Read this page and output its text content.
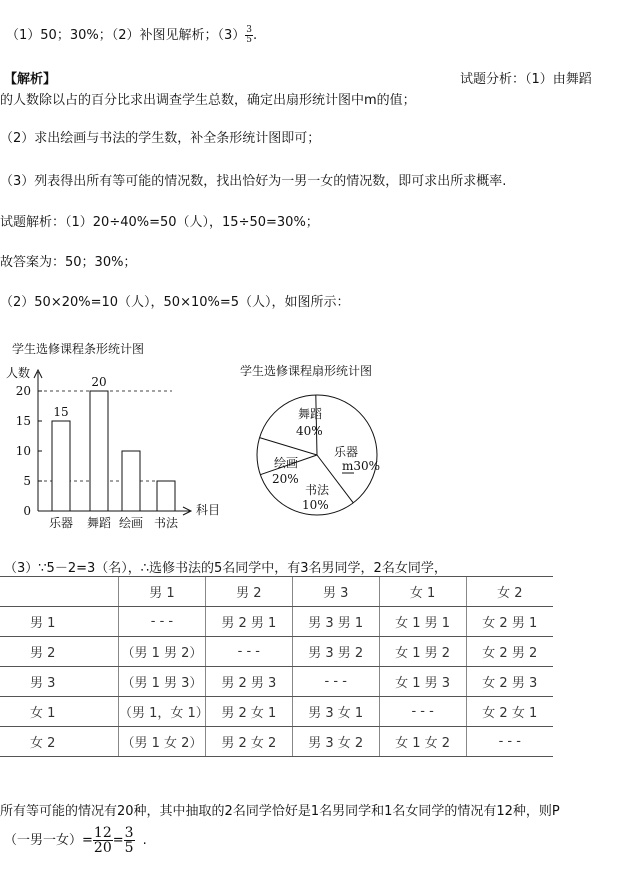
（1）50；30%；（2）补图见解析；$(3) \frac{3}{5}$ .
【解析】	试题分析：（1）由舞蹈
的人数除以占的百分比求出调查学生总数，确定出扇形统计图中m的值；
（2）求出绘画与书法的学生数，补全条形统计图即可；
（3）列表得出所有等可能的情况数，找出恰好为一男一女的情况数，即可求出所求概率.
试题解析：（1）20÷40%=50（人），15÷50=30%；
故答案为：50；30%；
（2）50×20%=10（人），50×10%=5（人），如图所示：
学生选修课程条形统计图
人数
科目
0
5
10
15
20
乐器
15
舞蹈
20
绘画 书法
学生选修课程扇形统计图
舞蹈
40%
乐器
m30%
书法
10%
绘画
20%
（3）∵5－2=3（名），∴选修书法的5名同学中，有3名男同学，2名女同学，
	男 1	男 2	男 3	女 1	女 2
男 1	- - -	男 2 男 1	男 3 男 1	女 1 男 1	女 2 男 1
男 2	（男 1 男 2）	- - -	男 3 男 2	女 1 男 2	女 2 男 2
男 3	（男 1 男 3）	男 2 男 3	- - -	女 1 男 3	女 2 男 3
女 1	（男 1，女 1）	男 2 女 1	男 3 女 1	- - -	女 2 女 1
女 2	（男 1 女 2）	男 2 女 2	男 3 女 2	女 1 女 2	- - -
所有等可能的情况有20种，其中抽取的2名同学恰好是1名男同学和1名女同学的情况有12种，则P
（一男一女）= $\frac{12}{20} = \frac{3}{5}$ .
